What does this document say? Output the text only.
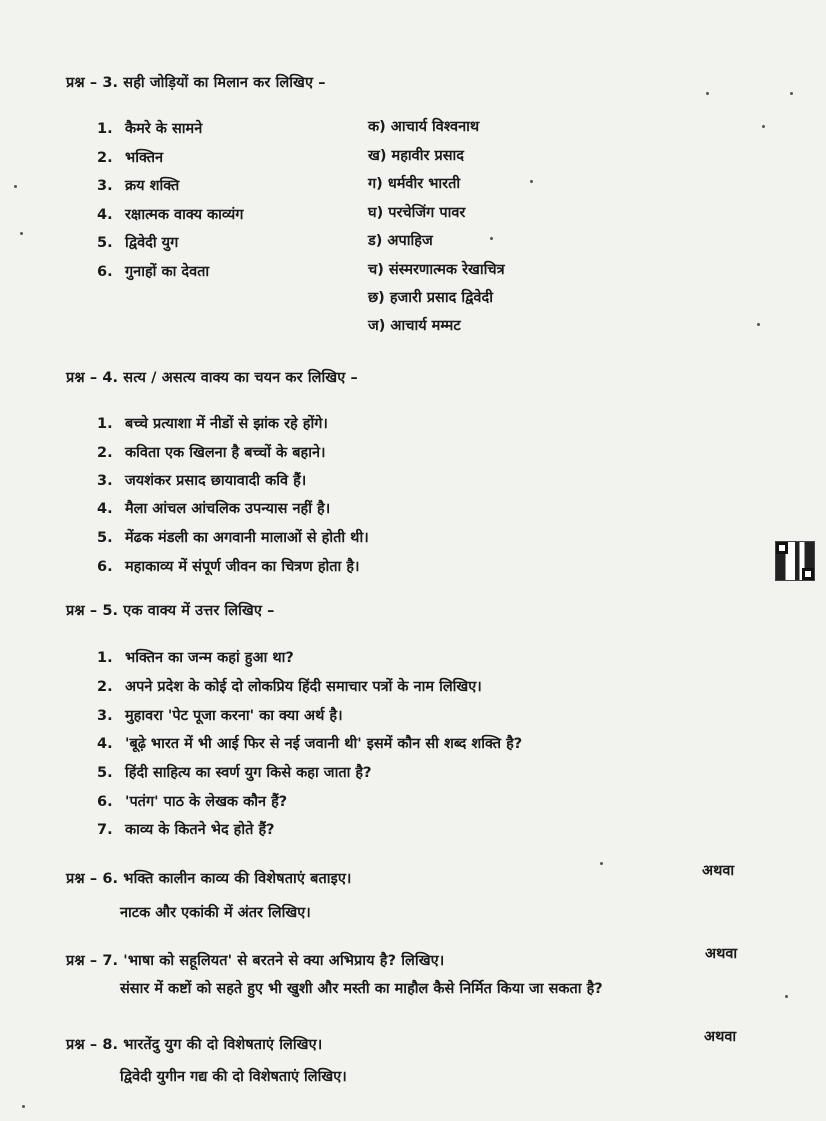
प्रश्न – 3. सही जोड़ियों का मिलान कर लिखिए –
1. कैमरे के सामने
2. भक्तिन
3. क्रय शक्ति
4. रक्षात्मक वाक्य काव्यंग
5. द्विवेदी युग
6. गुनाहों का देवता
क) आचार्य विश्वनाथ
ख) महावीर प्रसाद
ग) धर्मवीर भारती
घ) परचेजिंग पावर
ड) अपाहिज
च) संस्मरणात्मक रेखाचित्र
छ) हजारी प्रसाद द्विवेदी
ज) आचार्य मम्मट
प्रश्न – 4. सत्य / असत्य वाक्य का चयन कर लिखिए –
1. बच्चे प्रत्याशा में नीडों से झांक रहे होंगे।
2. कविता एक खिलना है बच्चों के बहाने।
3. जयशंकर प्रसाद छायावादी कवि हैं।
4. मैला आंचल आंचलिक उपन्यास नहीं है।
5. मेंढक मंडली का अगवानी मालाओं से होती थी।
6. महाकाव्य में संपूर्ण जीवन का चित्रण होता है।
प्रश्न – 5. एक वाक्य में उत्तर लिखिए –
1. भक्तिन का जन्म कहां हुआ था?
2. अपने प्रदेश के कोई दो लोकप्रिय हिंदी समाचार पत्रों के नाम लिखिए।
3. मुहावरा 'पेट पूजा करना' का क्या अर्थ है।
4. 'बूढ़े भारत में भी आई फिर से नई जवानी थी' इसमें कौन सी शब्द शक्ति है?
5. हिंदी साहित्य का स्वर्ण युग किसे कहा जाता है?
6. 'पतंग' पाठ के लेखक कौन हैं?
7. काव्य के कितने भेद होते हैं?
प्रश्न – 6. भक्ति कालीन काव्य की विशेषताएं बताइए।	अथवा
नाटक और एकांकी में अंतर लिखिए।
प्रश्न – 7. 'भाषा को सहूलियत' से बरतने से क्या अभिप्राय है? लिखिए।	अथवा
संसार में कष्टों को सहते हुए भी खुशी और मस्ती का माहौल कैसे निर्मित किया जा सकता है?
प्रश्न – 8. भारतेंदु युग की दो विशेषताएं लिखिए।	अथवा
द्विवेदी युगीन गद्य की दो विशेषताएं लिखिए।
